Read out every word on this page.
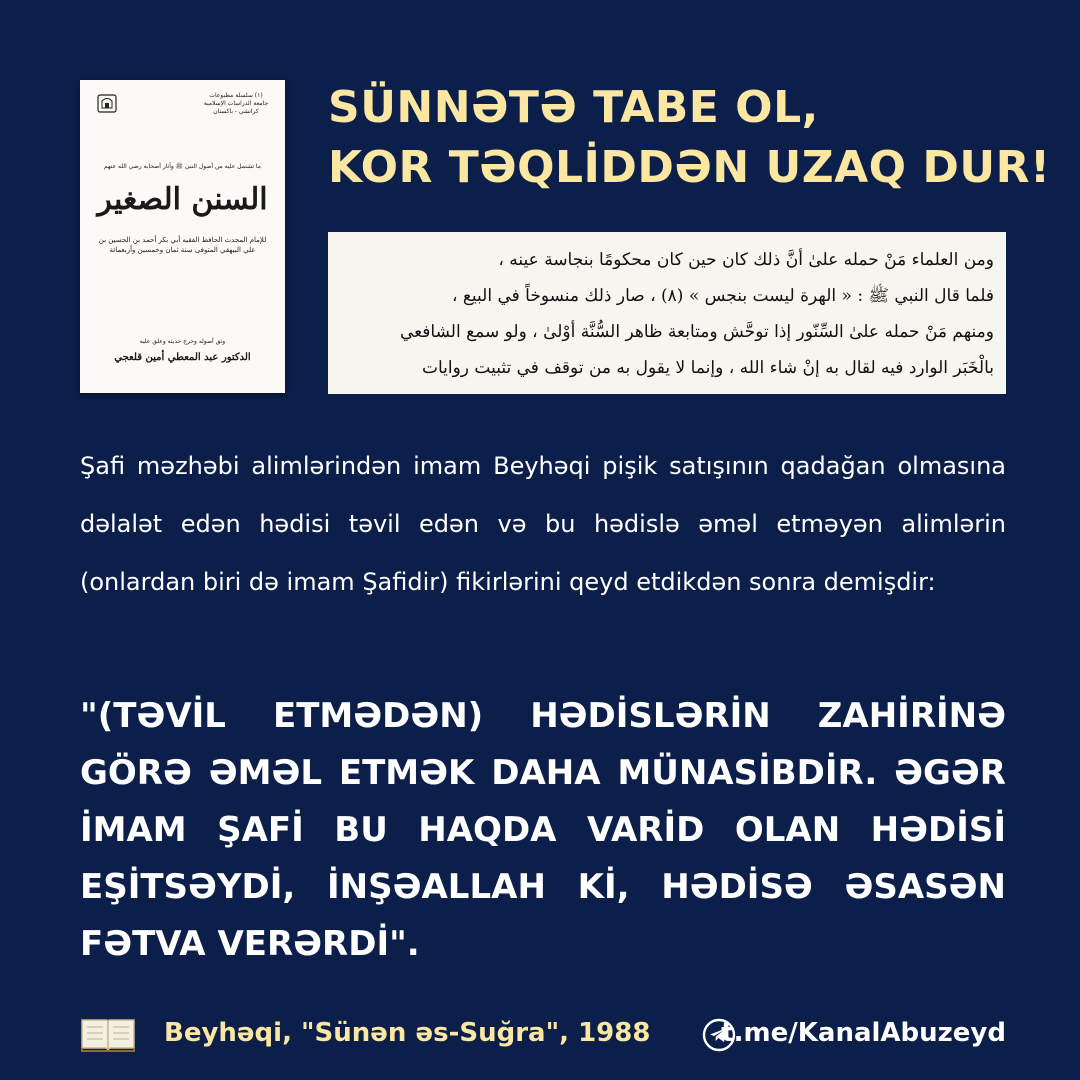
(١) سلسلة مطبوعات جامعة الدراسات الإسلامية كراتشي - باكستان
ما تشتمل عليه من أصول النبي ﷺ وآثار أصحابه رضي الله عنهم
السنن الصغير
للإمام المحدث الحافظ الفقيه أبي بكر أحمد بن الحسين بن علي البيهقي المتوفى سنة ثمان وخمسين وأربعمائة
وثق أصوله وخرج حديثه وعلق عليه
الدكتور عبد المعطي أمين قلعجي
SÜNNƏTƏ TABE OL,
KOR TƏQLİDDƏN UZAQ DUR!
ومن العلماء مَنْ حمله علىٰ أنَّ ذلك كان حين كان محكومًا بنجاسة عينه ،
فلما قال النبي ﷺ : « الهرة ليست بنجس » (٨) ، صار ذلك منسوخاً في البيع ،
ومنهم مَنْ حمله علىٰ السِّنّور إذا توحَّش ومتابعة ظاهر السُّنَّة أوْلىٰ ، ولو سمع الشافعي
بالْخَبَر الوارد فيه لقال به إنْ شاء الله ، وإنما لا يقول به من توقف في تثبيت روايات
Şafi məzhəbi alimlərindən imam Beyhəqi pişik satışının qadağan olmasına dəlalət edən hədisi təvil edən və bu hədislə əməl etməyən alimlərin (onlardan biri də imam Şafidir) fikirlərini qeyd etdikdən sonra demişdir:
"(TƏVİL ETMƏDƏN) HƏDİSLƏRİN ZAHİRİNƏ GÖRƏ ƏMƏL ETMƏK DAHA MÜNASİBDİR. ƏGƏR İMAM ŞAFİ BU HAQDA VARİD OLAN HƏDİSİ EŞİTSƏYDİ, İNŞƏALLAH Kİ, HƏDİSƏ ƏSASƏN FƏTVA VERƏRDİ".
Beyhəqi, "Sünən əs-Suğra", 1988	t.me/KanalAbuzeyd
